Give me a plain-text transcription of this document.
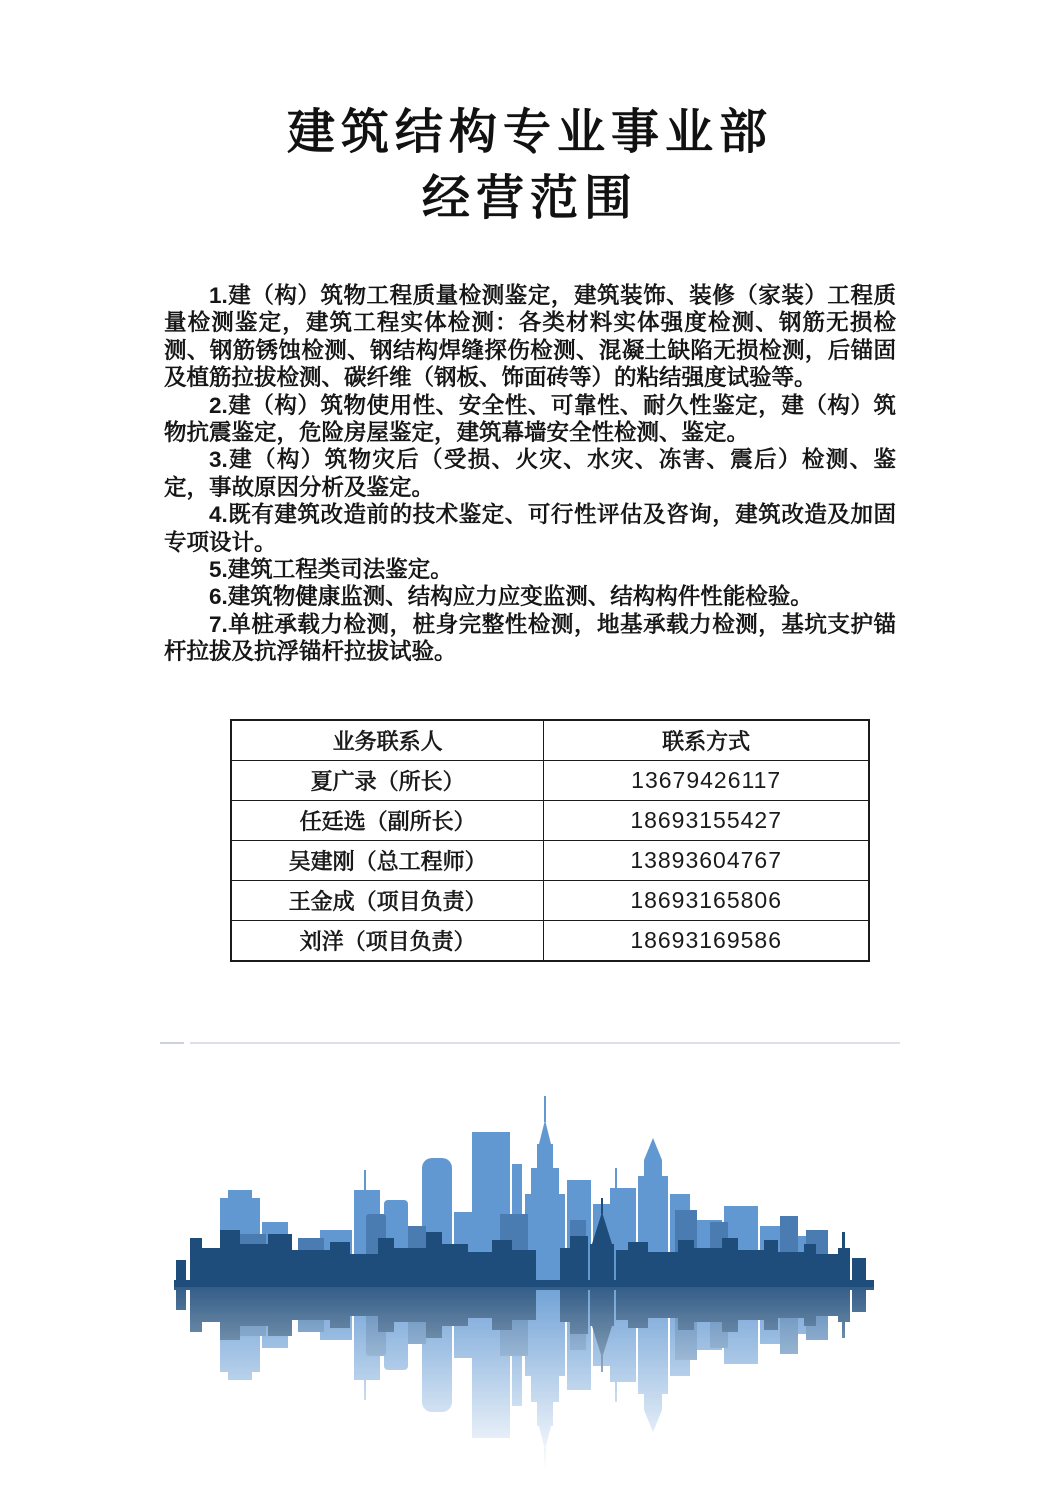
建筑结构专业事业部
经营范围

1.建（构）筑物工程质量检测鉴定，建筑装饰、装修（家装）工程质量检测鉴定，建筑工程实体检测：各类材料实体强度检测、钢筋无损检测、钢筋锈蚀检测、钢结构焊缝探伤检测、混凝土缺陷无损检测，后锚固及植筋拉拔检测、碳纤维（钢板、饰面砖等）的粘结强度试验等。

2.建（构）筑物使用性、安全性、可靠性、耐久性鉴定，建（构）筑物抗震鉴定，危险房屋鉴定，建筑幕墙安全性检测、鉴定。

3.建（构）筑物灾后（受损、火灾、水灾、冻害、震后）检测、鉴定，事故原因分析及鉴定。

4.既有建筑改造前的技术鉴定、可行性评估及咨询，建筑改造及加固专项设计。

5.建筑工程类司法鉴定。

6.建筑物健康监测、结构应力应变监测、结构构件性能检验。

7.单桩承载力检测，桩身完整性检测，地基承载力检测，基坑支护锚杆拉拔及抗浮锚杆拉拔试验。

业务联系人	联系方式
夏广录（所长）	13679426117
任廷选（副所长）	18693155427
吴建刚（总工程师）	13893604767
王金成（项目负责）	18693165806
刘洋（项目负责）	18693169586
